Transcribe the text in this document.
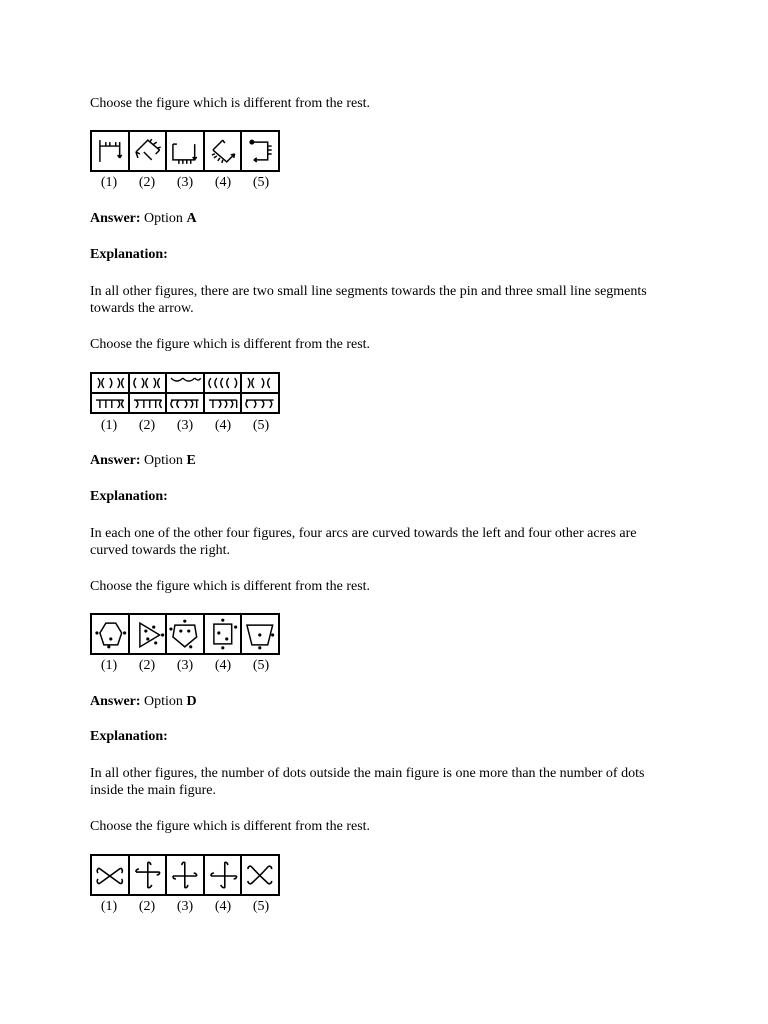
Choose the figure which is different from the rest.
(1)	(2)	(3)	(4)	(5)
Answer: Option A
Explanation:
In all other figures, there are two small line segments towards the pin and three small line segments towards the arrow.
Choose the figure which is different from the rest.
(1)	(2)	(3)	(4)	(5)
Answer: Option E
Explanation:
In each one of the other four figures, four arcs are curved towards the left and four other acres are curved towards the right.
Choose the figure which is different from the rest.
(1)	(2)	(3)	(4)	(5)
Answer: Option D
Explanation:
In all other figures, the number of dots outside the main figure is one more than the number of dots inside the main figure.
Choose the figure which is different from the rest.
(1)	(2)	(3)	(4)	(5)
